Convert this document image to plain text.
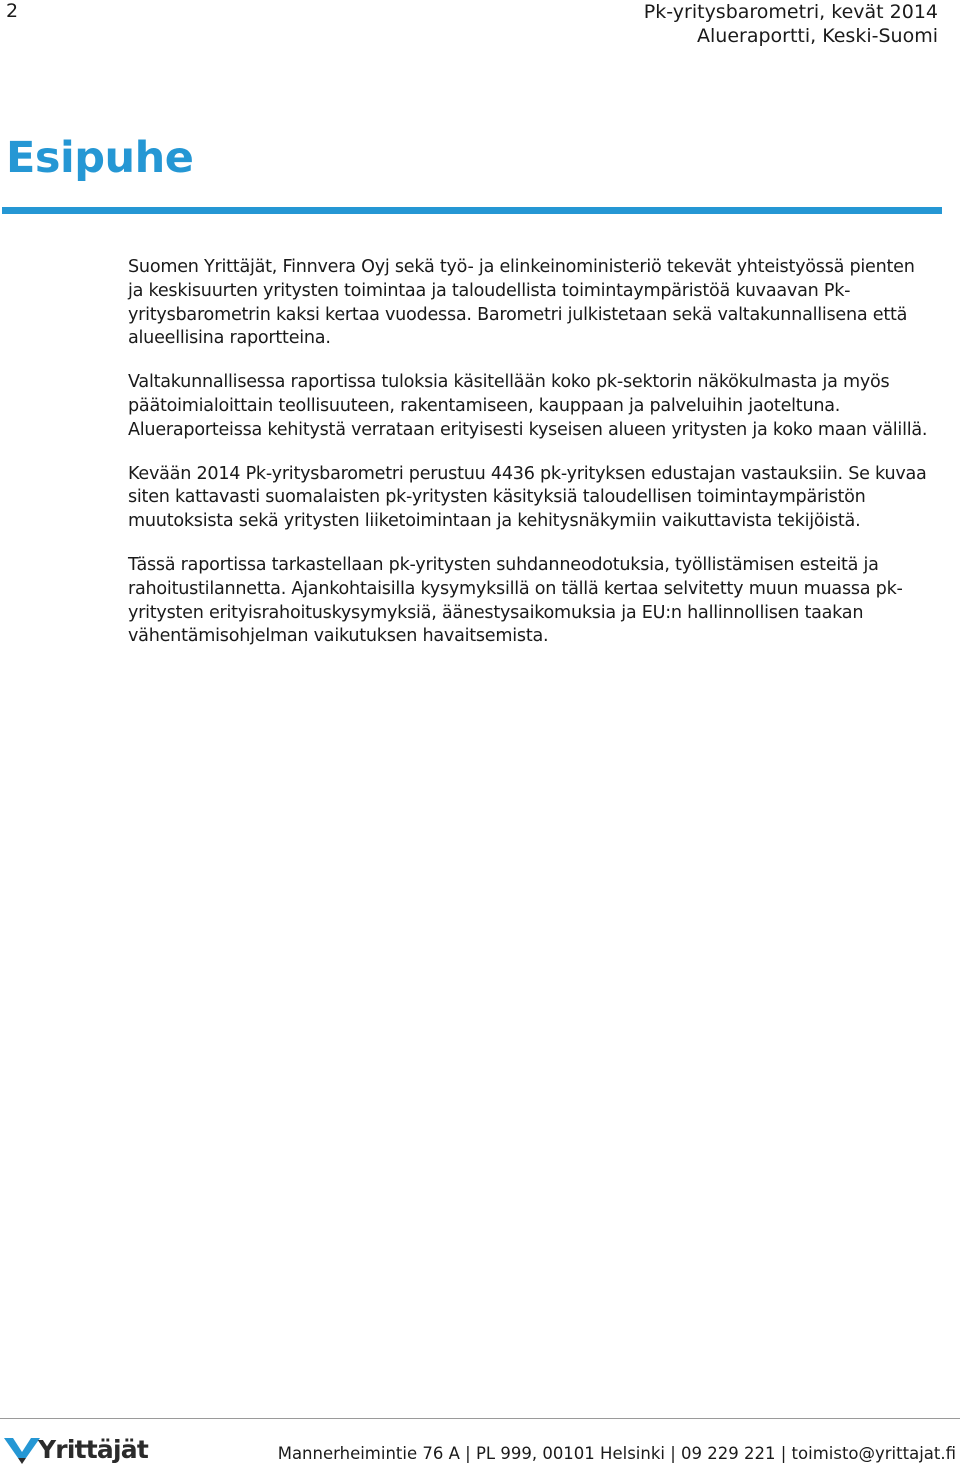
2	Pk-yritysbarometri, kevät 2014
Alueraportti, Keski-Suomi
Esipuhe

Suomen Yrittäjät, Finnvera Oyj sekä työ- ja elinkeinoministeriö tekevät yhteistyössä pienten ja keskisuurten yritysten toimintaa ja taloudellista toimintaympäristöä kuvaavan Pk-yritysbarometrin kaksi kertaa vuodessa. Barometri julkistetaan sekä valtakunnallisena että alueellisina raportteina.

Valtakunnallisessa raportissa tuloksia käsitellään koko pk-sektorin näkökulmasta ja myös päätoimialoittain teollisuuteen, rakentamiseen, kauppaan ja palveluihin jaoteltuna. Alueraporteissa kehitystä verrataan erityisesti kyseisen alueen yritysten ja koko maan välillä.

Kevään 2014 Pk-yritysbarometri perustuu 4436 pk-yrityksen edustajan vastauksiin. Se kuvaa siten kattavasti suomalaisten pk-yritysten käsityksiä taloudellisen toimintaympäristön muutoksista sekä yritysten liiketoimintaan ja kehitysnäkymiin vaikuttavista tekijöistä.

Tässä raportissa tarkastellaan pk-yritysten suhdanneodotuksia, työllistämisen esteitä ja rahoitustilannetta. Ajankohtaisilla kysymyksillä on tällä kertaa selvitetty muun muassa pk-yritysten erityisrahoituskysymyksiä, äänestysaikomuksia ja EU:n hallinnollisen taakan vähentämisohjelman vaikutuksen havaitsemista.

Yrittäjät	Mannerheimintie 76 A | PL 999, 00101 Helsinki | 09 229 221 | toimisto@yrittajat.fi
